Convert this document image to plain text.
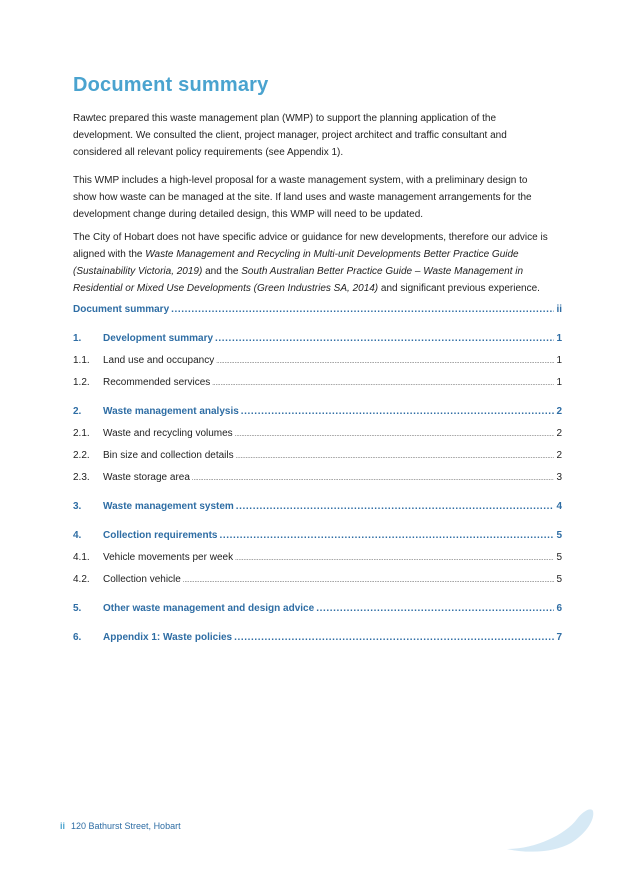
Document summary

Rawtec prepared this waste management plan (WMP) to support the planning application of the development. We consulted the client, project manager, project architect and traffic consultant and considered all relevant policy requirements (see Appendix 1).

This WMP includes a high-level proposal for a waste management system, with a preliminary design to show how waste can be managed at the site. If land uses and waste management arrangements for the development change during detailed design, this WMP will need to be updated.

The City of Hobart does not have specific advice or guidance for new developments, therefore our advice is aligned with the Waste Management and Recycling in Multi-unit Developments Better Practice Guide (Sustainability Victoria, 2019) and the South Australian Better Practice Guide – Waste Management in Residential or Mixed Use Developments (Green Industries SA, 2014) and significant previous experience.

Document summary .....	ii
1.	Development summary .....	1
1.1.	Land use and occupancy .....	1
1.2.	Recommended services .....	1
2.	Waste management analysis .....	2
2.1.	Waste and recycling volumes .....	2
2.2.	Bin size and collection details .....	2
2.3.	Waste storage area .....	3
3.	Waste management system .....	4
4.	Collection requirements .....	5
4.1.	Vehicle movements per week .....	5
4.2.	Collection vehicle .....	5
5.	Other waste management and design advice .....	6
6.	Appendix 1: Waste policies .....	7
ii 120 Bathurst Street, Hobart
